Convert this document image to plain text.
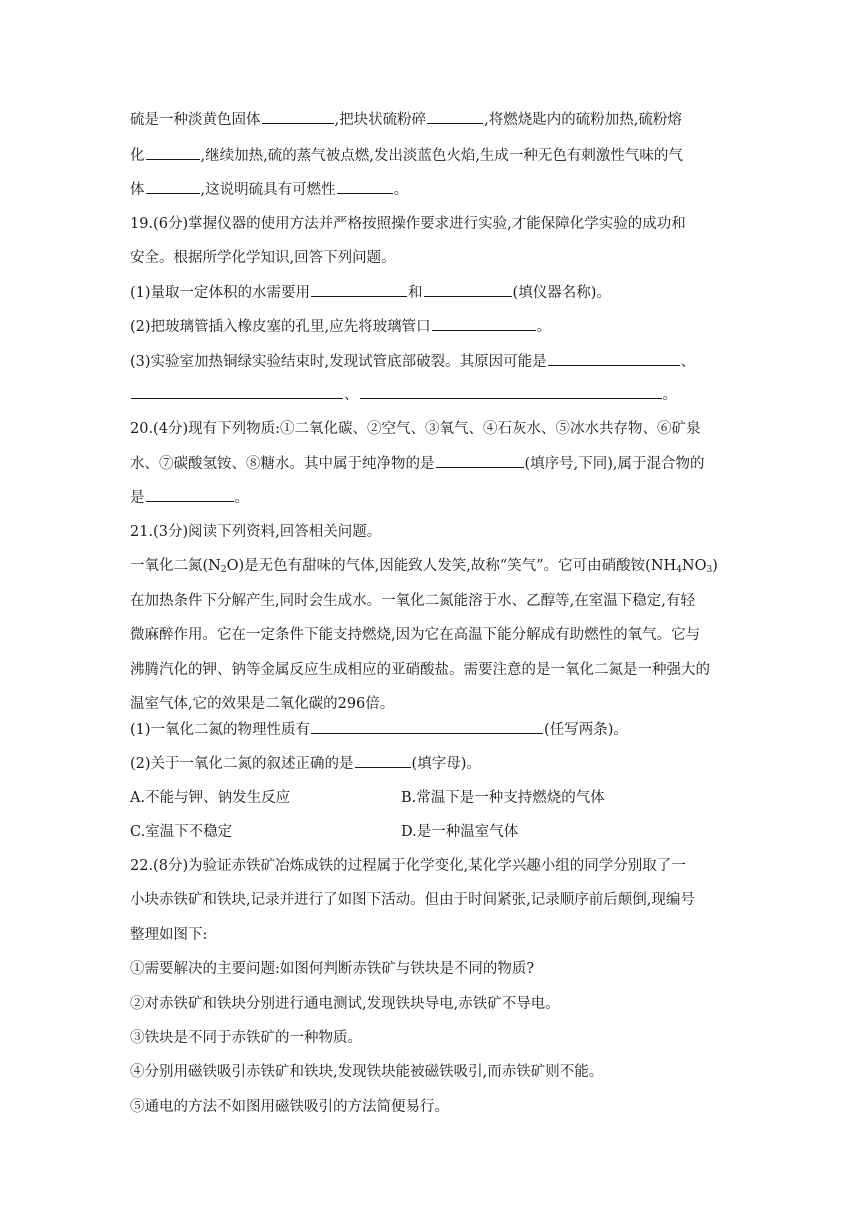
硫是一种淡黄色固体	,把块状硫粉碎	,将燃烧匙内的硫粉加热,硫粉熔
化	,继续加热,硫的蒸气被点燃,发出淡蓝色火焰,生成一种无色有刺激性气味的气
体	,这说明硫具有可燃性	。
19.(6分)掌握仪器的使用方法并严格按照操作要求进行实验,才能保障化学实验的成功和
安全。根据所学化学知识,回答下列问题。
(1)量取一定体积的水需要用	和	(填仪器名称)。
(2)把玻璃管插入橡皮塞的孔里,应先将玻璃管口	。
(3)实验室加热铜绿实验结束时,发现试管底部破裂。其原因可能是	、
、	。
20.(4分)现有下列物质:①二氧化碳、②空气、③氧气、④石灰水、⑤冰水共存物、⑥矿泉
水、⑦碳酸氢铵、⑧糖水。其中属于纯净物的是	(填序号,下同),属于混合物的
是	。
21.(3分)阅读下列资料,回答相关问题。
一氧化二氮$(N_2O)$是无色有甜味的气体,因能致人发笑,故称“笑气”。它可由硝酸铵$(NH_4NO_3)$
在加热条件下分解产生,同时会生成水。一氧化二氮能溶于水、乙醇等,在室温下稳定,有轻
微麻醉作用。它在一定条件下能支持燃烧,因为它在高温下能分解成有助燃性的氧气。它与
沸腾汽化的钾、钠等金属反应生成相应的亚硝酸盐。需要注意的是一氧化二氮是一种强大的
温室气体,它的效果是二氧化碳的296倍。
(1)一氧化二氮的物理性质有	(任写两条)。
(2)关于一氧化二氮的叙述正确的是	(填字母)。
A.不能与钾、钠发生反应	B.常温下是一种支持燃烧的气体
C.室温下不稳定	D.是一种温室气体
22.(8分)为验证赤铁矿冶炼成铁的过程属于化学变化,某化学兴趣小组的同学分别取了一
小块赤铁矿和铁块,记录并进行了如图下活动。但由于时间紧张,记录顺序前后颠倒,现编号
整理如图下:
①需要解决的主要问题:如图何判断赤铁矿与铁块是不同的物质?
②对赤铁矿和铁块分别进行通电测试,发现铁块导电,赤铁矿不导电。
③铁块是不同于赤铁矿的一种物质。
④分别用磁铁吸引赤铁矿和铁块,发现铁块能被磁铁吸引,而赤铁矿则不能。
⑤通电的方法不如图用磁铁吸引的方法简便易行。
